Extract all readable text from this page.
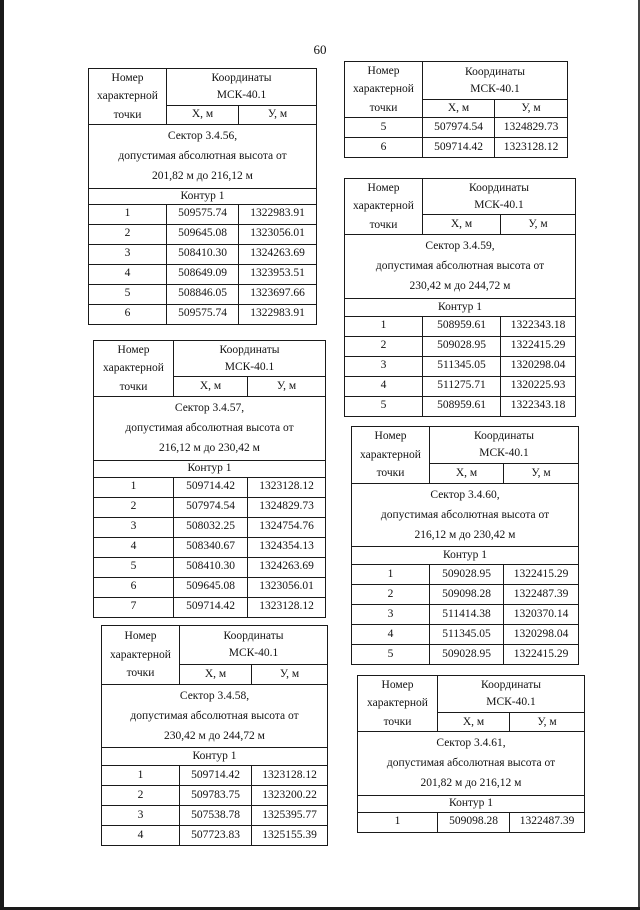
60
Номер
характерной
точки	Координаты
МСК-40.1	
	X, м	У, м
Сектор 3.4.56,
допустимая абсолютная высота от
201,82 м до 216,12 м		
Контур 1		
1	509575.74	1322983.91
2	509645.08	1323056.01
3	508410.30	1324263.69
4	508649.09	1323953.51
5	508846.05	1323697.66
6	509575.74	1322983.91
Номер
характерной
точки	Координаты
МСК-40.1	
	X, м	У, м
Сектор 3.4.57,
допустимая абсолютная высота от
216,12 м до 230,42 м		
Контур 1		
1	509714.42	1323128.12
2	507974.54	1324829.73
3	508032.25	1324754.76
4	508340.67	1324354.13
5	508410.30	1324263.69
6	509645.08	1323056.01
7	509714.42	1323128.12
Номер
характерной
точки	Координаты
МСК-40.1	
	X, м	У, м
Сектор 3.4.58,
допустимая абсолютная высота от
230,42 м до 244,72 м		
Контур 1		
1	509714.42	1323128.12
2	509783.75	1323200.22
3	507538.78	1325395.77
4	507723.83	1325155.39
Номер
характерной
точки	Координаты
МСК-40.1	
	X, м	У, м
5	507974.54	1324829.73
6	509714.42	1323128.12
Номер
характерной
точки	Координаты
МСК-40.1	
	X, м	У, м
Сектор 3.4.59,
допустимая абсолютная высота от
230,42 м до 244,72 м		
Контур 1		
1	508959.61	1322343.18
2	509028.95	1322415.29
3	511345.05	1320298.04
4	511275.71	1320225.93
5	508959.61	1322343.18
Номер
характерной
точки	Координаты
МСК-40.1	
	X, м	У, м
Сектор 3.4.60,
допустимая абсолютная высота от
216,12 м до 230,42 м		
Контур 1		
1	509028.95	1322415.29
2	509098.28	1322487.39
3	511414.38	1320370.14
4	511345.05	1320298.04
5	509028.95	1322415.29
Номер
характерной
точки	Координаты
МСК-40.1	
	X, м	У, м
Сектор 3.4.61,
допустимая абсолютная высота от
201,82 м до 216,12 м		
Контур 1		
1	509098.28	1322487.39
